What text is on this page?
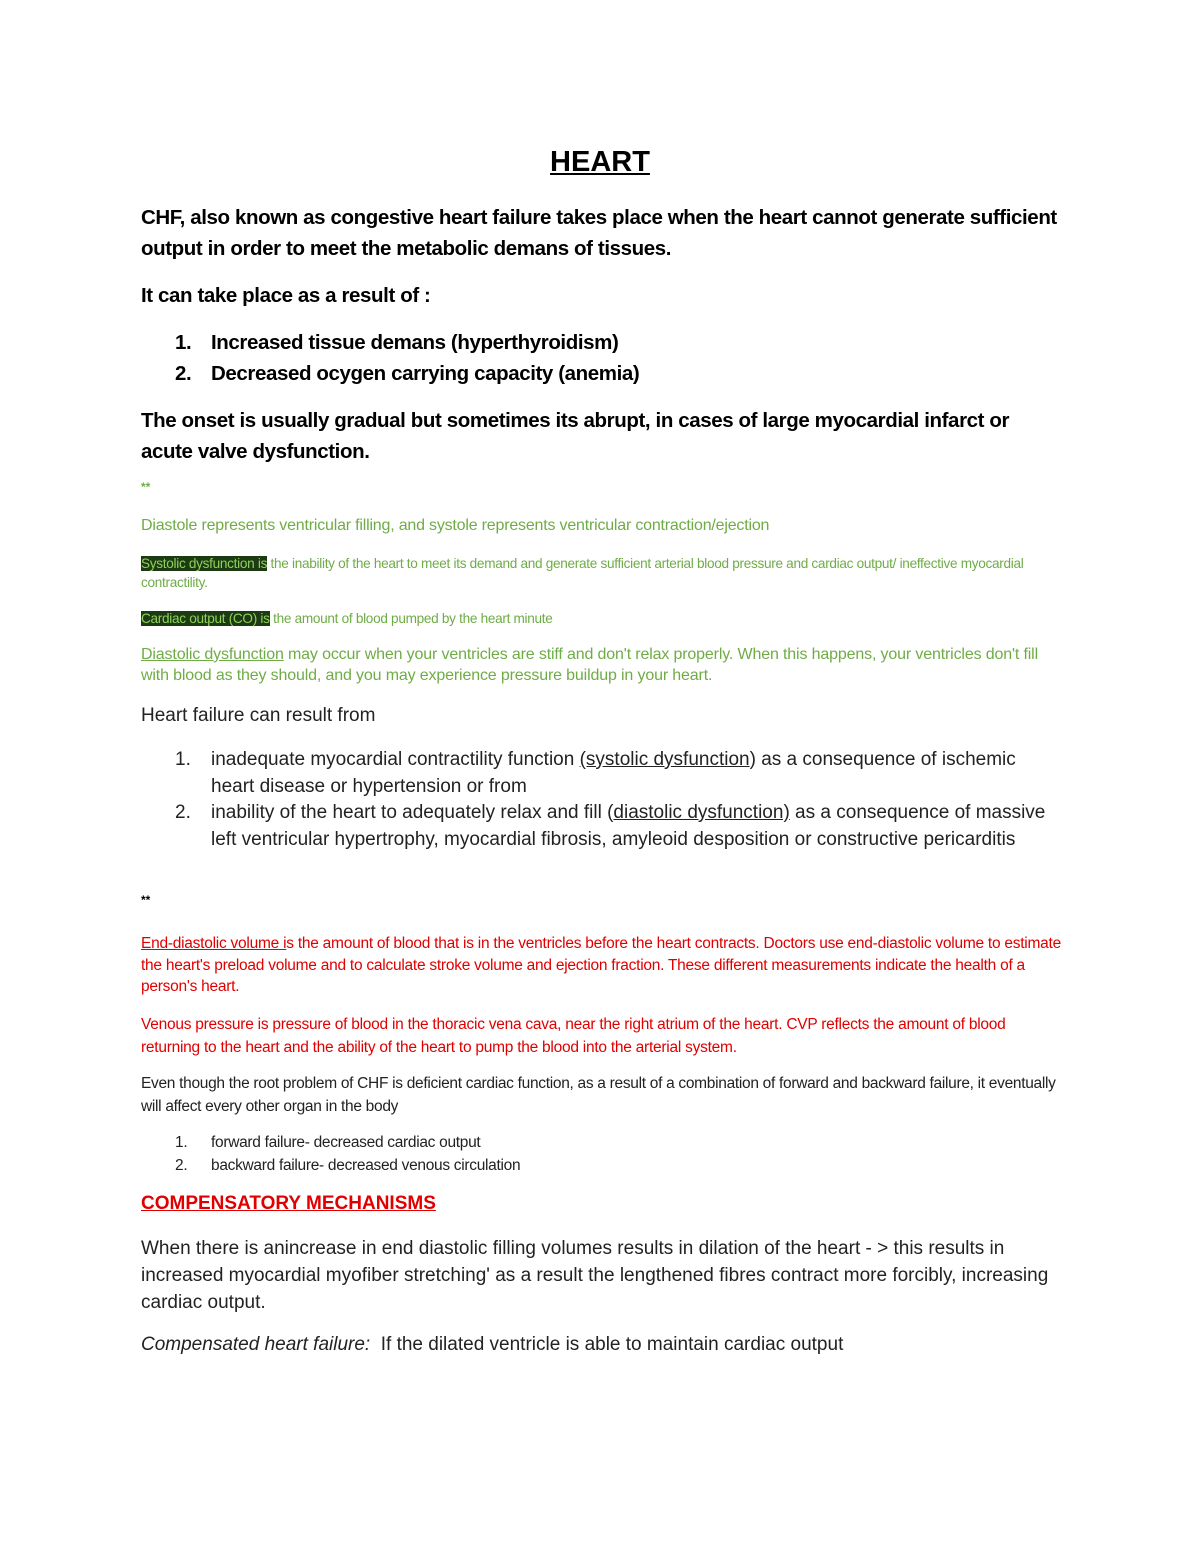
HEART

CHF, also known as congestive heart failure takes place when the heart cannot generate sufficient output in order to meet the metabolic demans of tissues.

It can take place as a result of :

1. Increased tissue demans (hyperthyroidism)
2. Decreased ocygen carrying capacity (anemia)

The onset is usually gradual but sometimes its abrupt, in cases of large myocardial infarct or acute valve dysfunction.

**

Diastole represents ventricular filling, and systole represents ventricular contraction/ejection

Systolic dysfunction is the inability of the heart to meet its demand and generate sufficient arterial blood pressure and cardiac output/ ineffective myocardial contractility.

Cardiac output (CO) is the amount of blood pumped by the heart minute

Diastolic dysfunction may occur when your ventricles are stiff and don't relax properly. When this happens, your ventricles don't fill with blood as they should, and you may experience pressure buildup in your heart.

Heart failure can result from

1. inadequate myocardial contractility function (systolic dysfunction) as a consequence of ischemic heart disease or hypertension or from
2. inability of the heart to adequately relax and fill (diastolic dysfunction) as a consequence of massive left ventricular hypertrophy, myocardial fibrosis, amyleoid desposition or constructive pericarditis

**

End-diastolic volume is the amount of blood that is in the ventricles before the heart contracts. Doctors use end-diastolic volume to estimate the heart's preload volume and to calculate stroke volume and ejection fraction. These different measurements indicate the health of a person's heart.

Venous pressure is pressure of blood in the thoracic vena cava, near the right atrium of the heart. CVP reflects the amount of blood returning to the heart and the ability of the heart to pump the blood into the arterial system.

Even though the root problem of CHF is deficient cardiac function, as a result of a combination of forward and backward failure, it eventually will affect every other organ in the body

1. forward failure- decreased cardiac output
2. backward failure- decreased venous circulation
COMPENSATORY MECHANISMS

When there is anincrease in end diastolic filling volumes results in dilation of the heart - > this results in increased myocardial myofiber stretching' as a result the lengthened fibres contract more forcibly, increasing cardiac output.

Compensated heart failure:  If the dilated ventricle is able to maintain cardiac output
